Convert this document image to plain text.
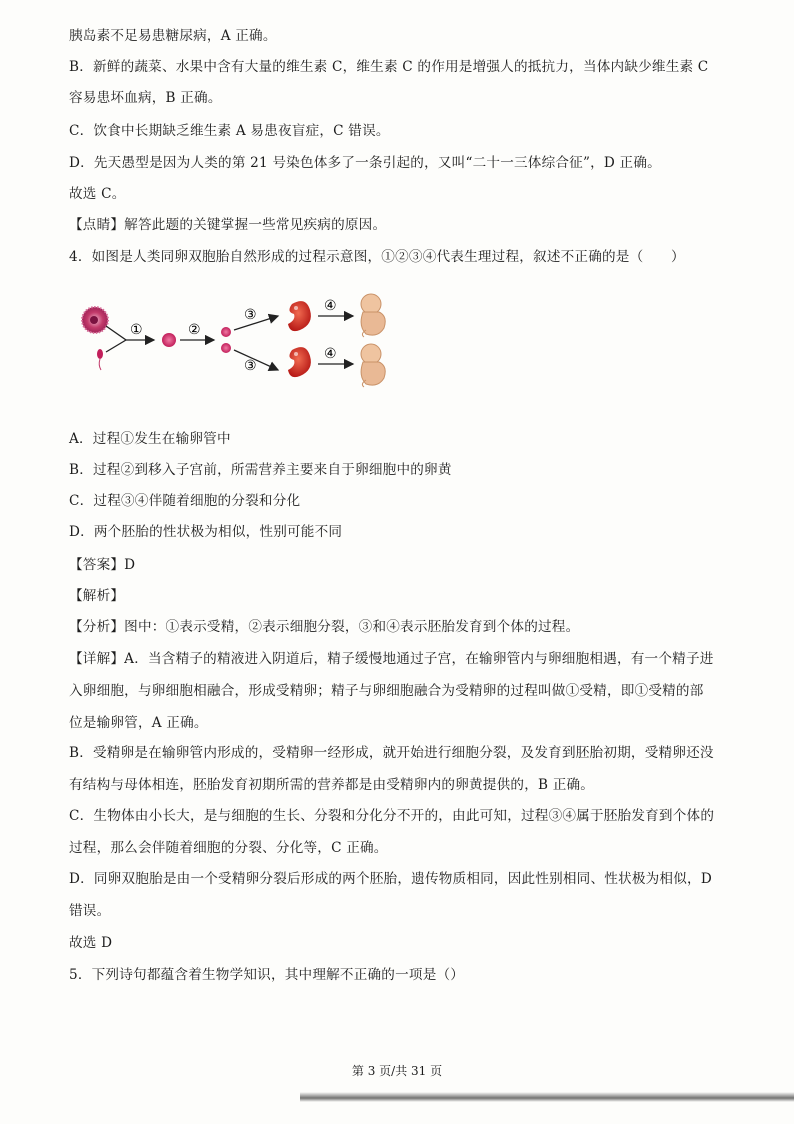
胰岛素不足易患糖尿病，A 正确。
B．新鲜的蔬菜、水果中含有大量的维生素 C，维生素 C 的作用是增强人的抵抗力，当体内缺少维生素 C
容易患坏血病，B 正确。
C．饮食中长期缺乏维生素 A 易患夜盲症，C 错误。
D．先天愚型是因为人类的第 21 号染色体多了一条引起的，又叫“二十一三体综合征”，D 正确。
故选 C。
【点睛】解答此题的关键掌握一些常见疾病的原因。
4．如图是人类同卵双胞胎自然形成的过程示意图，①②③④代表生理过程，叙述不正确的是（　　）
①	②
③
③
④
④
A．过程①发生在输卵管中
B．过程②到移入子宫前，所需营养主要来自于卵细胞中的卵黄
C．过程③④伴随着细胞的分裂和分化
D．两个胚胎的性状极为相似，性别可能不同
【答案】D
【解析】
【分析】图中：①表示受精，②表示细胞分裂，③和④表示胚胎发育到个体的过程。
【详解】A．当含精子的精液进入阴道后，精子缓慢地通过子宫，在输卵管内与卵细胞相遇，有一个精子进
入卵细胞，与卵细胞相融合，形成受精卵；精子与卵细胞融合为受精卵的过程叫做①受精，即①受精的部
位是输卵管，A 正确。
B．受精卵是在输卵管内形成的，受精卵一经形成，就开始进行细胞分裂，及发育到胚胎初期，受精卵还没
有结构与母体相连，胚胎发育初期所需的营养都是由受精卵内的卵黄提供的，B 正确。
C．生物体由小长大，是与细胞的生长、分裂和分化分不开的，由此可知，过程③④属于胚胎发育到个体的
过程，那么会伴随着细胞的分裂、分化等，C 正确。
D．同卵双胞胎是由一个受精卵分裂后形成的两个胚胎，遗传物质相同，因此性别相同、性状极为相似，D
错误。
故选 D
5．下列诗句都蕴含着生物学知识，其中理解不正确的一项是（）
第 3 页/共 31 页
